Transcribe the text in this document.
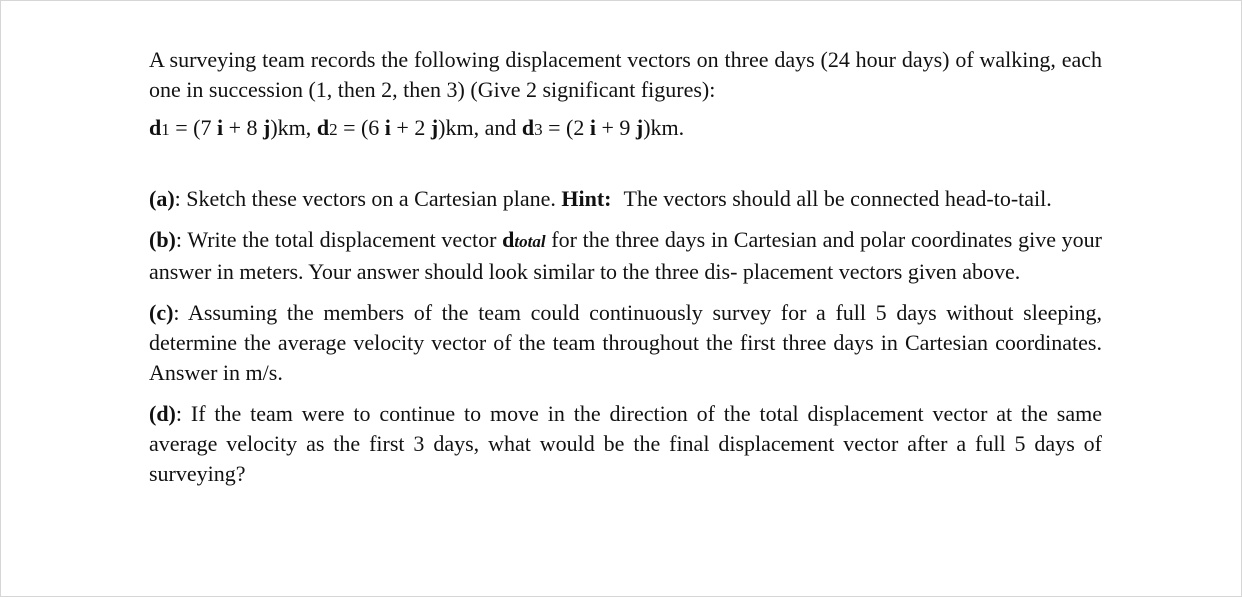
A surveying team records the following displacement vectors on three days (24 hour days) of walking, each one in succession (1, then 2, then 3) (Give 2 significant figures):

d1 = (7 i + 8 j)km, d2 = (6 i + 2 j)km, and d3 = (2 i + 9 j)km.

(a): Sketch these vectors on a Cartesian plane. Hint: The vectors should all be connected head-to-tail.

(b): Write the total displacement vector dtotal for the three days in Cartesian and polar coordinates give your answer in meters. Your answer should look similar to the three dis- placement vectors given above.

(c): Assuming the members of the team could continuously survey for a full 5 days without sleeping, determine the average velocity vector of the team throughout the first three days in Cartesian coordinates. Answer in m/s.

(d): If the team were to continue to move in the direction of the total displacement vector at the same average velocity as the first 3 days, what would be the final displacement vector after a full 5 days of surveying?
